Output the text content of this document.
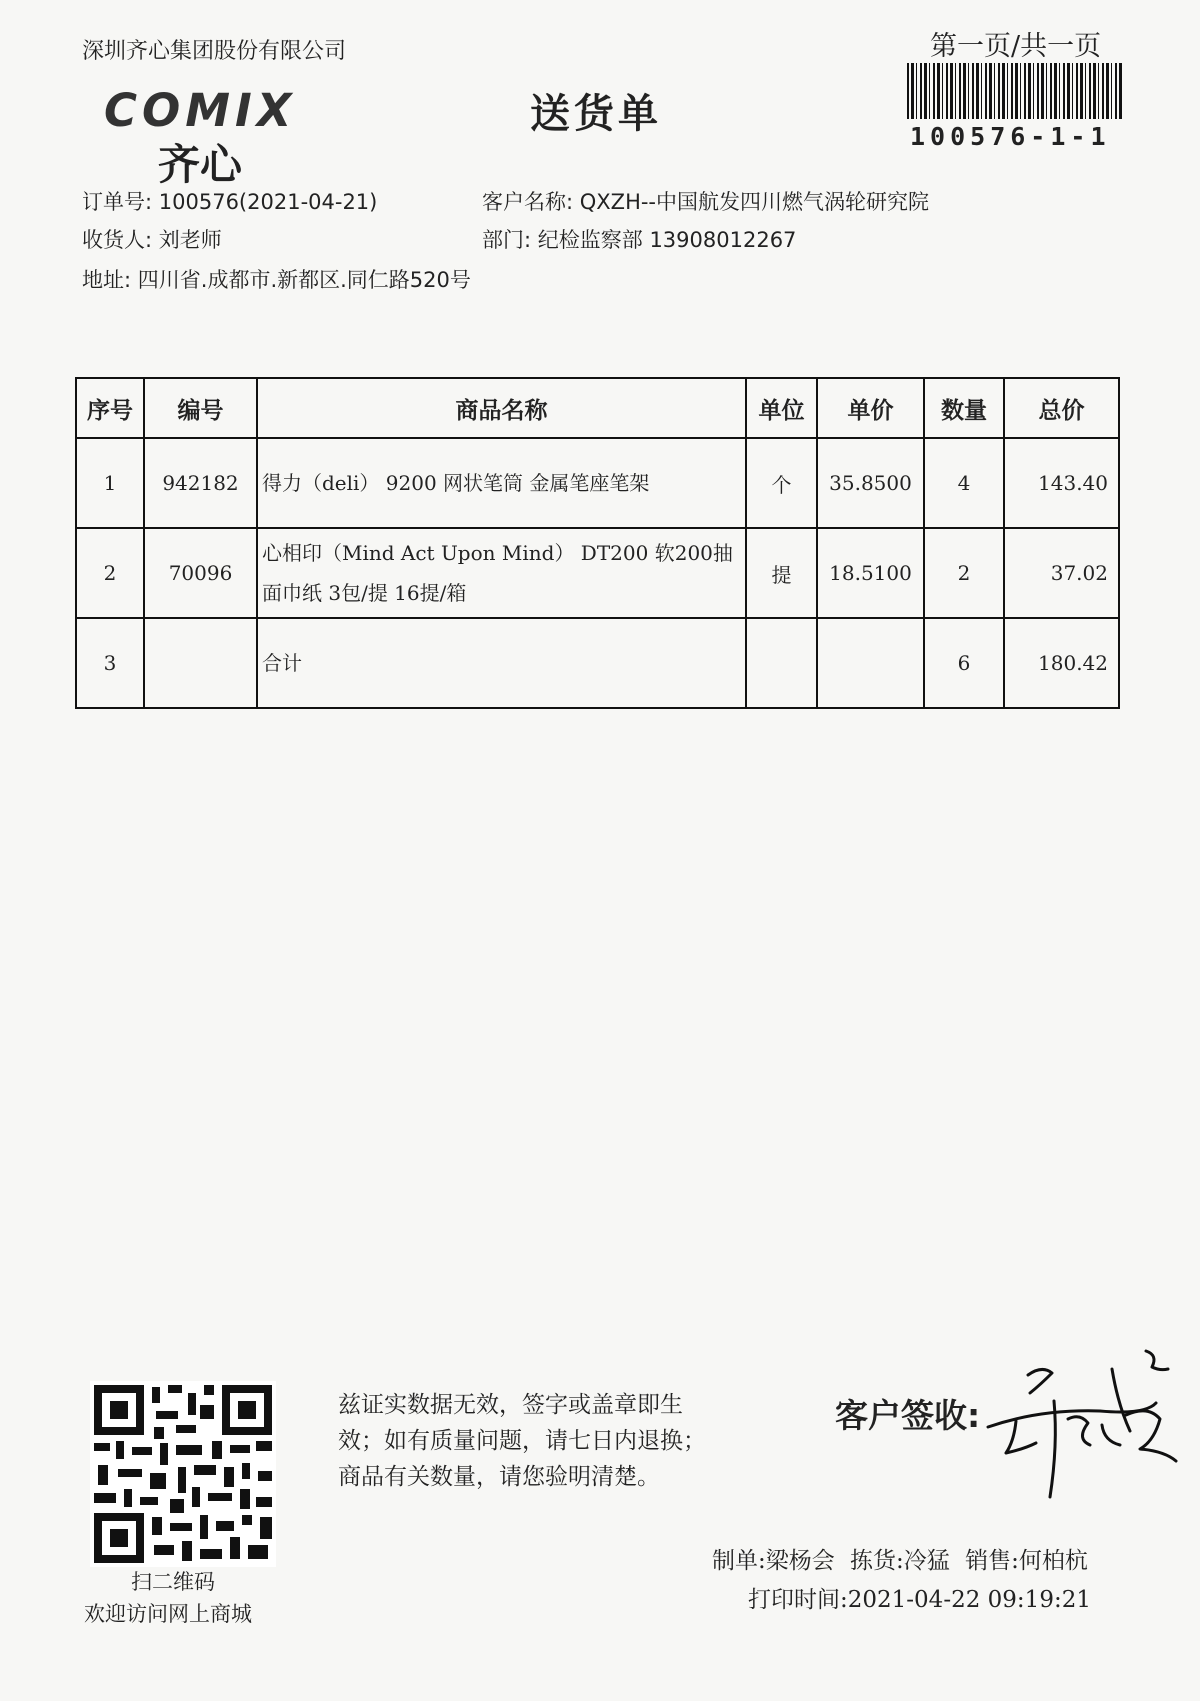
深圳齐心集团股份有限公司	第一页/共一页
100576-1-1
送货单
COMIX
齐心
订单号: 100576(2021-04-21)	客户名称: QXZH--中国航发四川燃气涡轮研究院
收货人: 刘老师	部门: 纪检监察部 13908012267
地址: 四川省.成都市.新都区.同仁路520号
序号	编号	商品名称	单位	单价	数量	总价
1	942182	得力（deli） 9200 网状笔筒 金属笔座笔架	个	35.8500	4	143.40
2	70096	心相印（Mind Act Upon Mind） DT200 软200抽面巾纸 3包/提 16提/箱	提	18.5100	2	37.02
3		合计			6	180.42
扫二维码
欢迎访问网上商城
兹证实数据无效，签字或盖章即生
效；如有质量问题，请七日内退换；
商品有关数量，请您验明清楚。
客户签收:
制单:梁杨会 拣货:冷猛 销售:何柏杭
打印时间:2021-04-22 09:19:21
